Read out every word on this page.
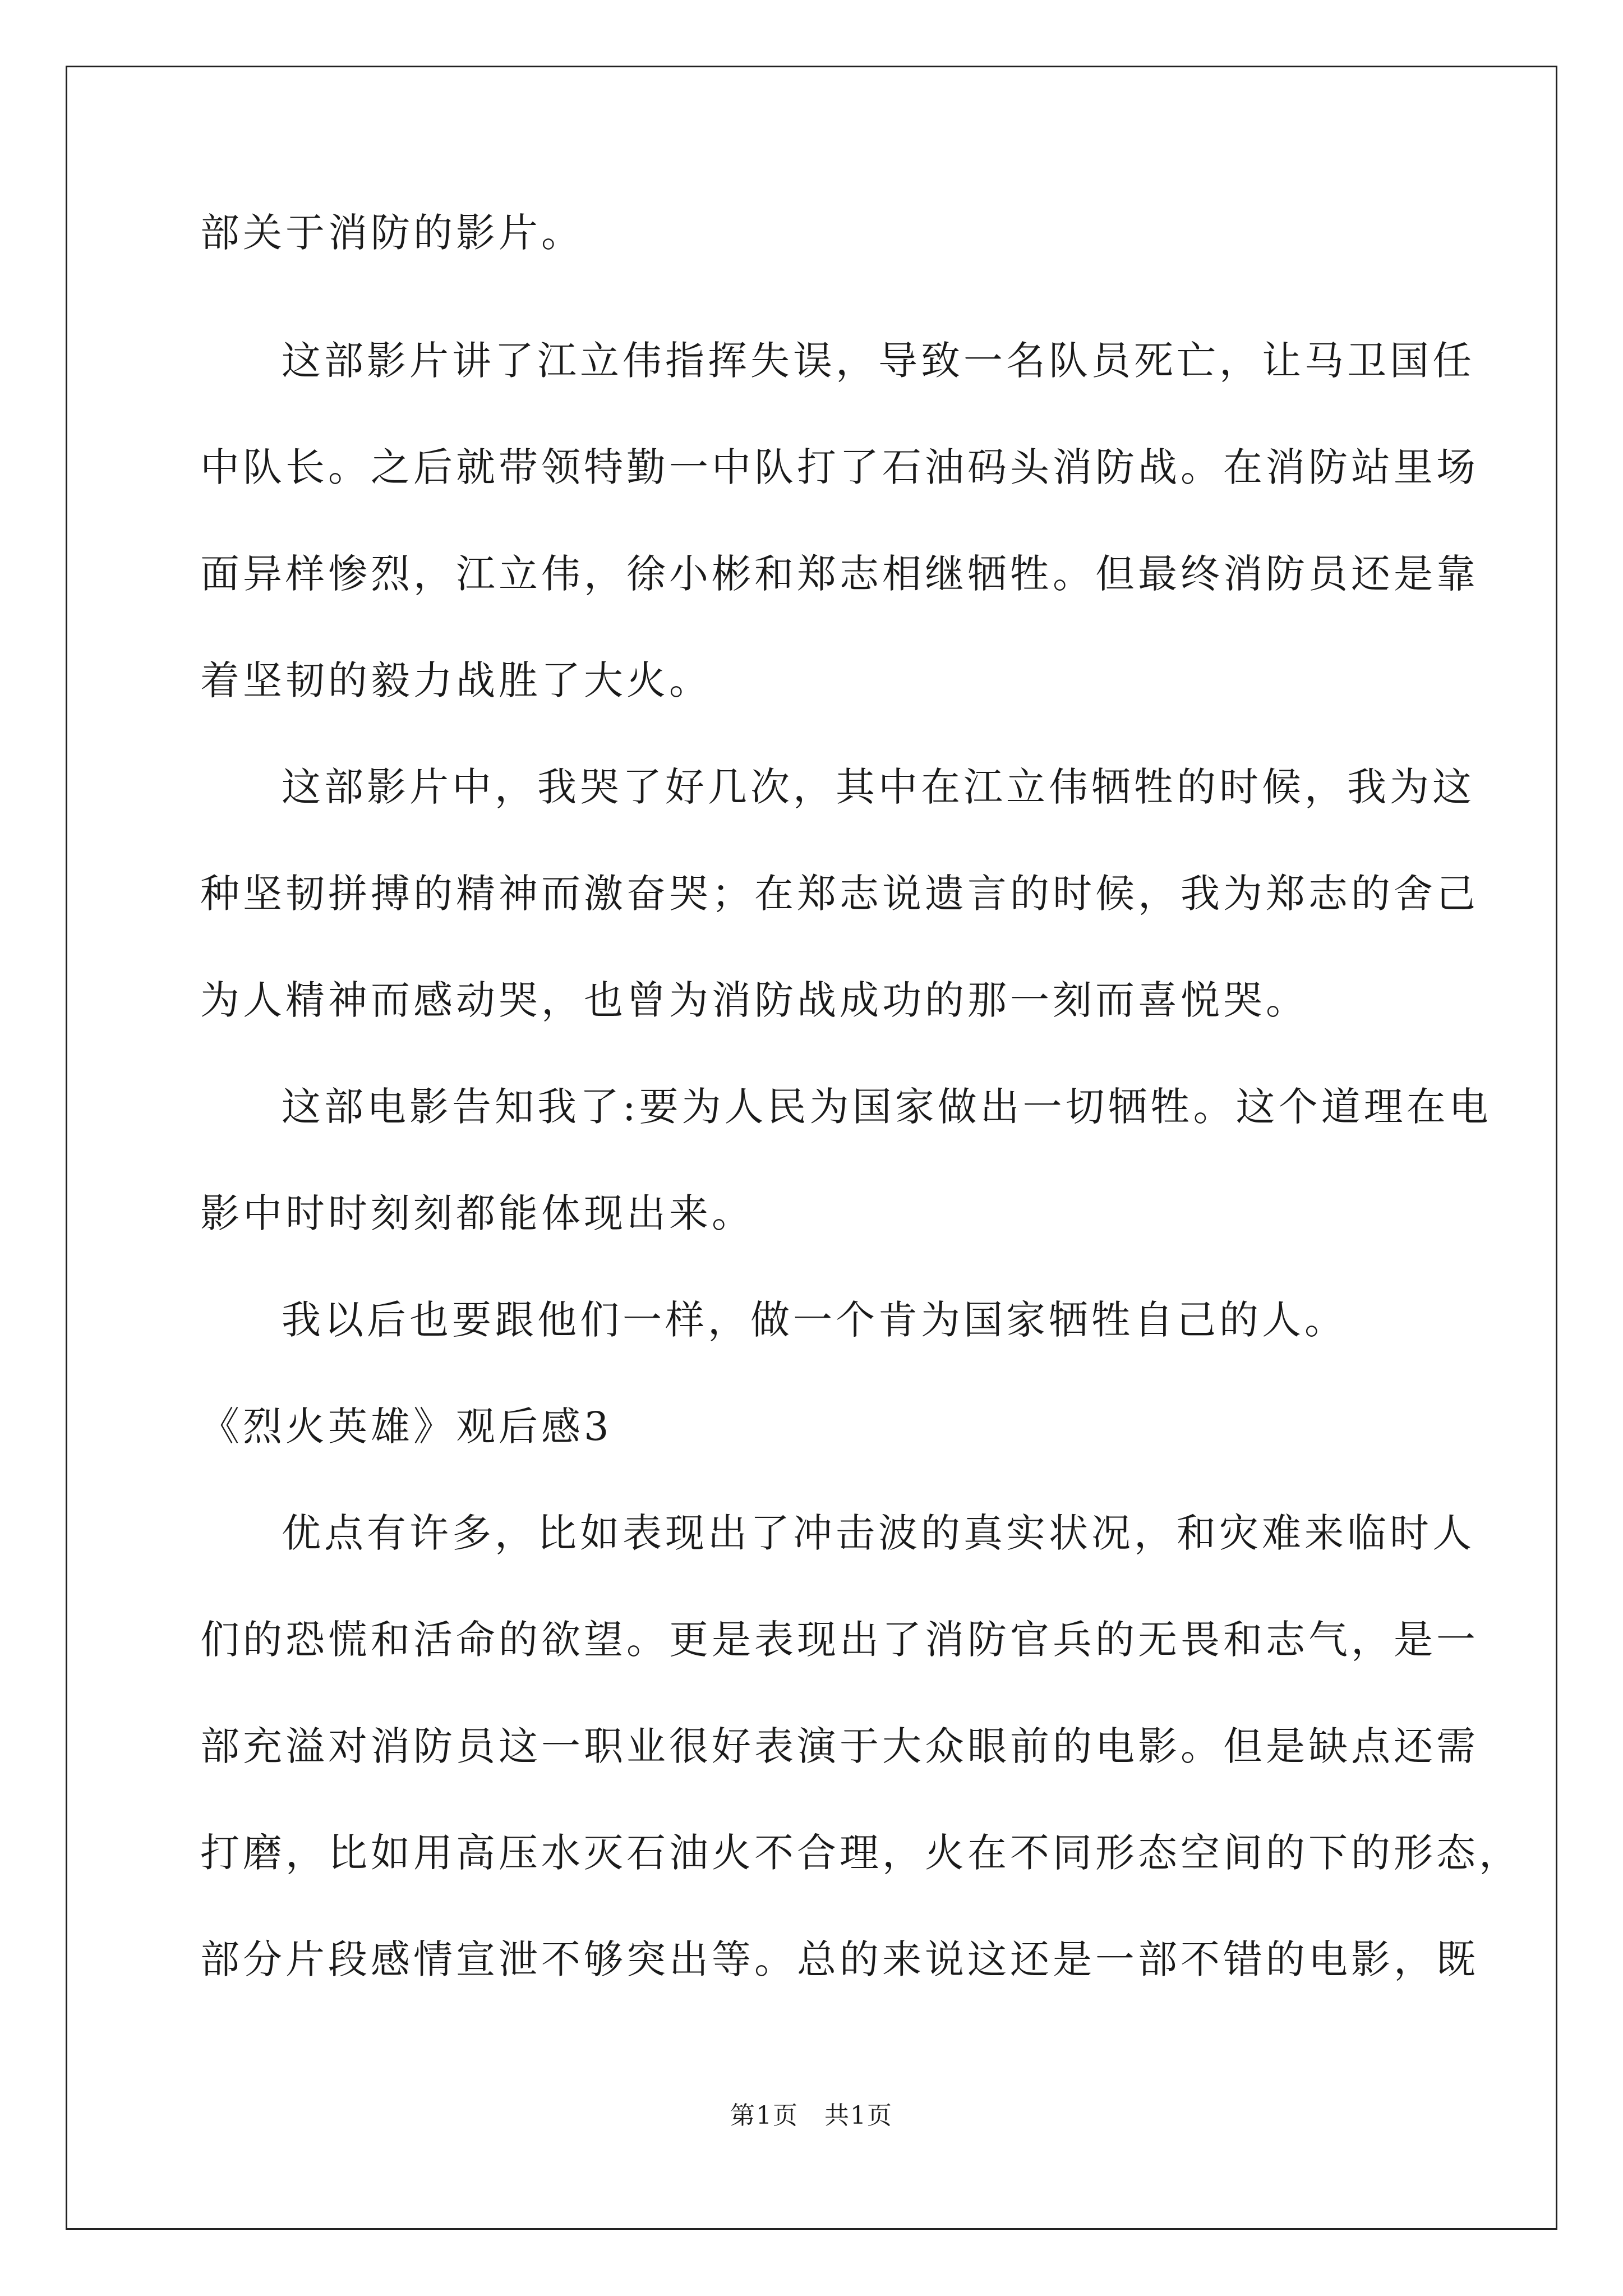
部关于消防的影片。
这部影片讲了江立伟指挥失误，导致一名队员死亡，让马卫国任
中队长。之后就带领特勤一中队打了石油码头消防战。在消防站里场
面异样惨烈，江立伟，徐小彬和郑志相继牺牲。但最终消防员还是靠
着坚韧的毅力战胜了大火。
这部影片中，我哭了好几次，其中在江立伟牺牲的时候，我为这
种坚韧拼搏的精神而激奋哭；在郑志说遗言的时候，我为郑志的舍己
为人精神而感动哭，也曾为消防战成功的那一刻而喜悦哭。
这部电影告知我了:要为人民为国家做出一切牺牲。这个道理在电
影中时时刻刻都能体现出来。
我以后也要跟他们一样，做一个肯为国家牺牲自己的人。
《烈火英雄》观后感3
优点有许多，比如表现出了冲击波的真实状况，和灾难来临时人
们的恐慌和活命的欲望。更是表现出了消防官兵的无畏和志气，是一
部充溢对消防员这一职业很好表演于大众眼前的电影。但是缺点还需
打磨，比如用高压水灭石油火不合理，火在不同形态空间的下的形态，
部分片段感情宣泄不够突出等。总的来说这还是一部不错的电影，既
第1页　共1页
